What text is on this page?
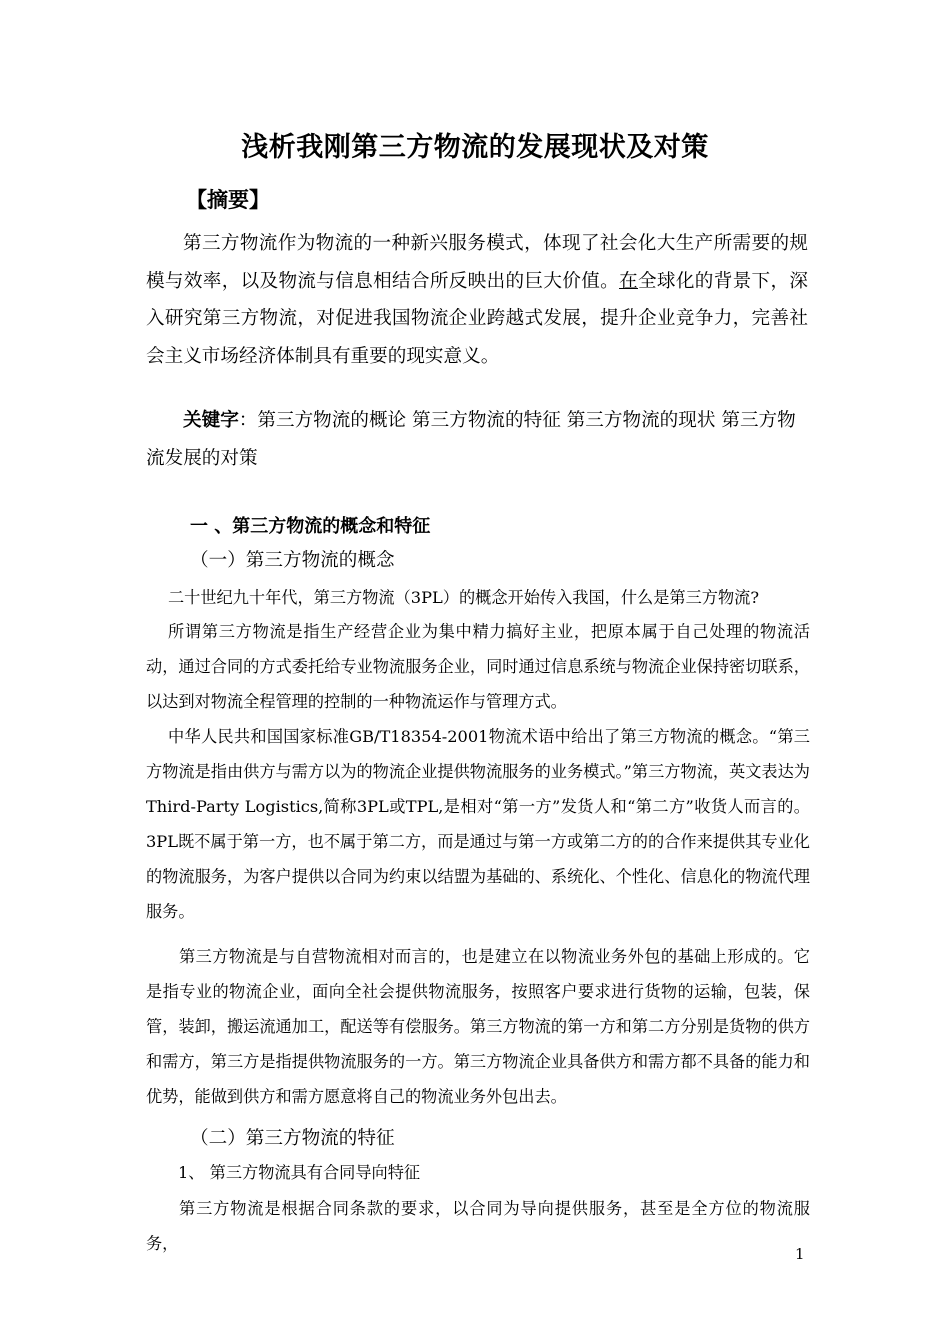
浅析我刚第三方物流的发展现状及对策
【摘要】

第三方物流作为物流的一种新兴服务模式，体现了社会化大生产所需要的规模与效率，以及物流与信息相结合所反映出的巨大价值。在全球化的背景下，深入研究第三方物流，对促进我国物流企业跨越式发展，提升企业竞争力，完善社会主义市场经济体制具有重要的现实意义。

关键字：第三方物流的概论 第三方物流的特征 第三方物流的现状 第三方物流发展的对策

一 、第三方物流的概念和特征
（一）第三方物流的概念

二十世纪九十年代，第三方物流（3PL）的概念开始传入我国，什么是第三方物流?

所谓第三方物流是指生产经营企业为集中精力搞好主业，把原本属于自己处理的物流活动，通过合同的方式委托给专业物流服务企业，同时通过信息系统与物流企业保持密切联系，以达到对物流全程管理的控制的一种物流运作与管理方式。

中华人民共和国国家标准GB/T18354-2001物流术语中给出了第三方物流的概念。“第三方物流是指由供方与需方以为的物流企业提供物流服务的业务模式。”第三方物流，英文表达为Third-Party Logistics,简称3PL或TPL,是相对“第一方”发货人和“第二方”收货人而言的。3PL既不属于第一方，也不属于第二方，而是通过与第一方或第二方的的合作来提供其专业化的物流服务，为客户提供以合同为约束以结盟为基础的、系统化、个性化、信息化的物流代理服务。

第三方物流是与自营物流相对而言的，也是建立在以物流业务外包的基础上形成的。它是指专业的物流企业，面向全社会提供物流服务，按照客户要求进行货物的运输，包装，保管，装卸，搬运流通加工，配送等有偿服务。第三方物流的第一方和第二方分别是货物的供方和需方，第三方是指提供物流服务的一方。第三方物流企业具备供方和需方都不具备的能力和优势，能做到供方和需方愿意将自己的物流业务外包出去。

（二）第三方物流的特征
1、 第三方物流具有合同导向特征

第三方物流是根据合同条款的要求，以合同为导向提供服务，甚至是全方位的物流服务，

1
